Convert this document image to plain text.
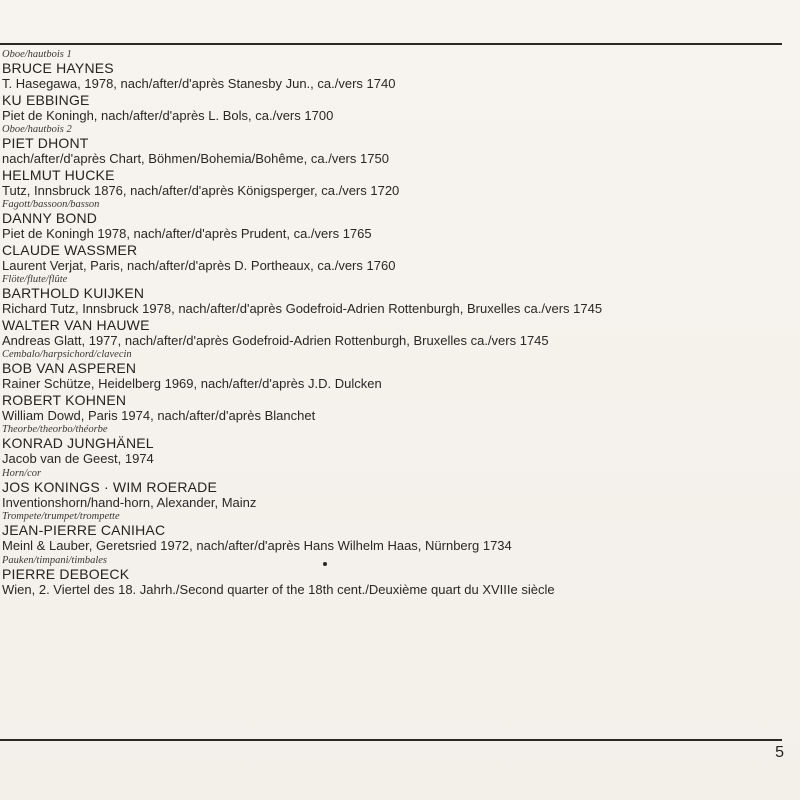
Oboe/hautbois 1
BRUCE HAYNES
T. Hasegawa, 1978, nach/after/d'après Stanesby Jun., ca./vers 1740
KU EBBINGE
Piet de Koningh, nach/after/d'après L. Bols, ca./vers 1700
Oboe/hautbois 2
PIET DHONT
nach/after/d'après Chart, Böhmen/Bohemia/Bohême, ca./vers 1750
HELMUT HUCKE
Tutz, Innsbruck 1876, nach/after/d'après Königsperger, ca./vers 1720
Fagott/bassoon/basson
DANNY BOND
Piet de Koningh 1978, nach/after/d'après Prudent, ca./vers 1765
CLAUDE WASSMER
Laurent Verjat, Paris, nach/after/d'après D. Portheaux, ca./vers 1760
Flöte/flute/flûte
BARTHOLD KUIJKEN
Richard Tutz, Innsbruck 1978, nach/after/d'après Godefroid-Adrien Rottenburgh, Bruxelles ca./vers 1745
WALTER VAN HAUWE
Andreas Glatt, 1977, nach/after/d'après Godefroid-Adrien Rottenburgh, Bruxelles ca./vers 1745
Cembalo/harpsichord/clavecin
BOB VAN ASPEREN
Rainer Schütze, Heidelberg 1969, nach/after/d'après J.D. Dulcken
ROBERT KOHNEN
William Dowd, Paris 1974, nach/after/d'après Blanchet
Theorbe/theorbo/théorbe
KONRAD JUNGHÄNEL
Jacob van de Geest, 1974
Horn/cor
JOS KONINGS · WIM ROERADE
Inventionshorn/hand-horn, Alexander, Mainz
Trompete/trumpet/trompette
JEAN-PIERRE CANIHAC
Meinl & Lauber, Geretsried 1972, nach/after/d'après Hans Wilhelm Haas, Nürnberg 1734
Pauken/timpani/timbales
PIERRE DEBOECK
Wien, 2. Viertel des 18. Jahrh./Second quarter of the 18th cent./Deuxième quart du XVIIIe siècle
5
